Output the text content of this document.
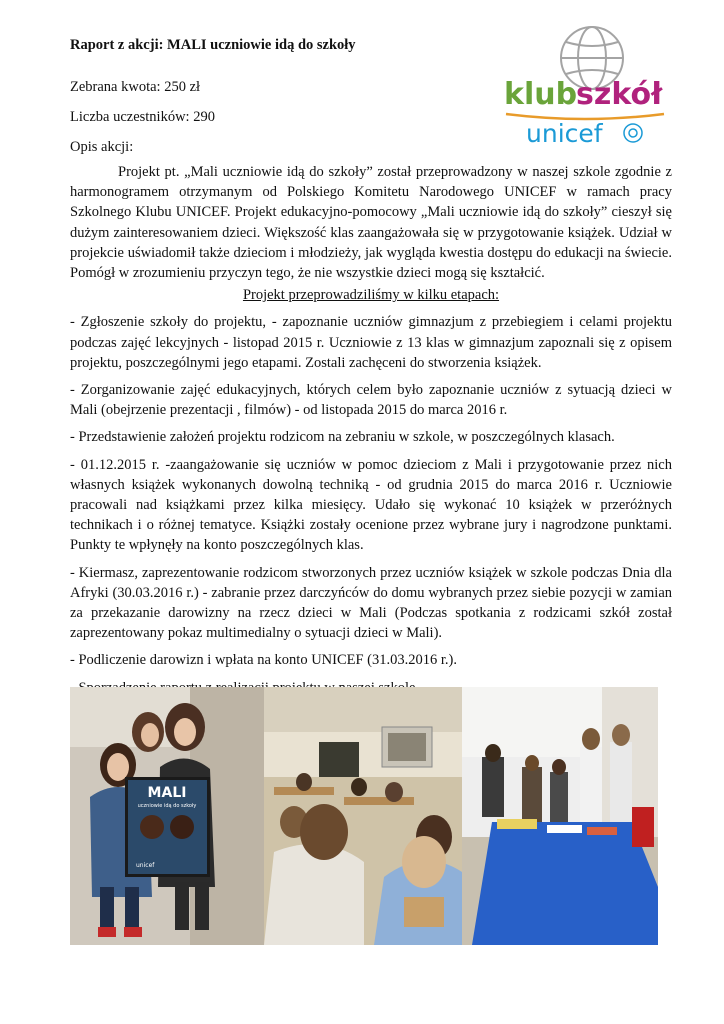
Raport z akcji: MALI uczniowie idą do szkoły
klub
szkół
unicef
Zebrana kwota: 250 zł
Liczba uczestników: 290
Opis akcji:

Projekt pt. „Mali uczniowie idą do szkoły” został przeprowadzony w naszej szkole zgodnie z harmonogramem otrzymanym od Polskiego Komitetu Narodowego UNICEF w ramach pracy Szkolnego Klubu UNICEF. Projekt edukacyjno-pomocowy „Mali uczniowie idą do szkoły” cieszył się dużym zainteresowaniem dzieci. Większość klas zaangażowała się w przygotowanie książek. Udział w projekcie uświadomił także dzieciom i młodzieży, jak wygląda kwestia dostępu do edukacji na świecie. Pomógł w zrozumieniu przyczyn tego, że nie wszystkie dzieci mogą się kształcić.

Projekt przeprowadziliśmy w kilku etapach:

- Zgłoszenie szkoły do projektu, - zapoznanie uczniów gimnazjum z przebiegiem i celami projektu podczas zajęć lekcyjnych - listopad 2015 r. Uczniowie z 13 klas w gimnazjum zapoznali się z opisem projektu, poszczególnymi jego etapami. Zostali zachęceni do stworzenia książek.

- Zorganizowanie zajęć edukacyjnych, których celem było zapoznanie uczniów z sytuacją dzieci w Mali (obejrzenie prezentacji , filmów) - od listopada 2015 do marca 2016 r.

- Przedstawienie założeń projektu rodzicom na zebraniu w szkole, w poszczególnych klasach.

- 01.12.2015 r. -zaangażowanie się uczniów w pomoc dzieciom z Mali i przygotowanie przez nich własnych książek wykonanych dowolną techniką - od grudnia 2015 do marca 2016 r. Uczniowie pracowali nad książkami przez kilka miesięcy. Udało się wykonać 10 książek w przeróżnych technikach i o różnej tematyce. Książki zostały ocenione przez wybrane jury i nagrodzone punktami. Punkty te wpłynęły na konto poszczególnych klas.

- Kiermasz, zaprezentowanie rodzicom stworzonych przez uczniów książek w szkole podczas Dnia dla Afryki (30.03.2016 r.) - zabranie przez darczyńców do domu wybranych przez siebie pozycji w zamian za przekazanie darowizny na rzecz dzieci w Mali (Podczas spotkania z rodzicami szkół został zaprezentowany pokaz multimedialny o sytuacji dzieci w Mali).

- Podliczenie darowizn i wpłata na konto UNICEF (31.03.2016 r.).

MALI
uczniowie idą do szkoły
unicef
